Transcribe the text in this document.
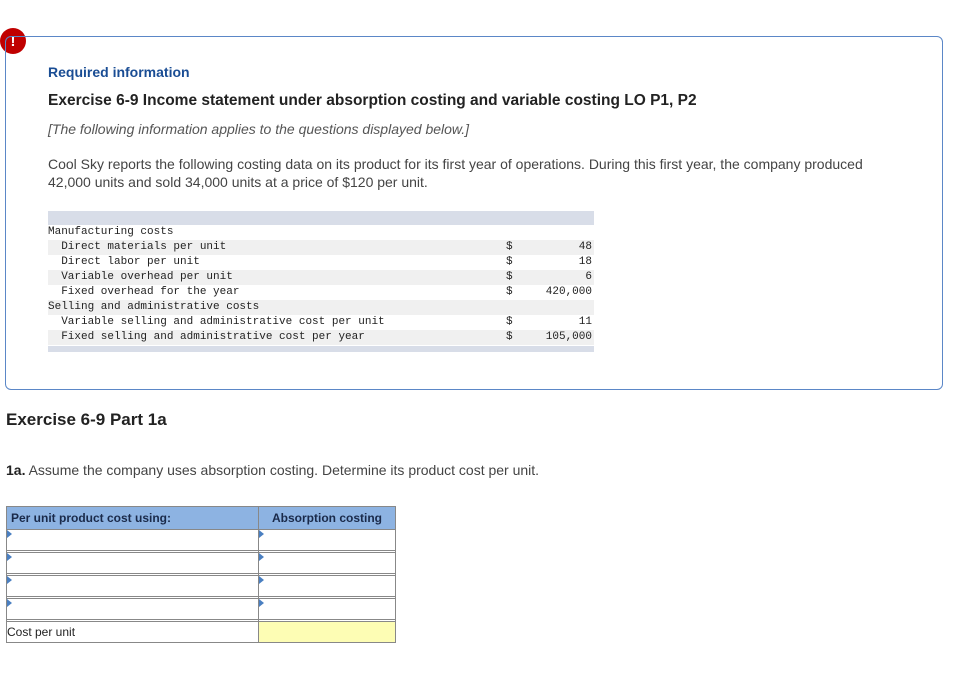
!
Required information
Exercise 6-9 Income statement under absorption costing and variable costing LO P1, P2
[The following information applies to the questions displayed below.]
Cool Sky reports the following costing data on its product for its first year of operations. During this first year, the company produced 42,000 units and sold 34,000 units at a price of $120 per unit.
Manufacturing costs
Direct materials per unit	$	48
Direct labor per unit	$	18
Variable overhead per unit	$	6
Fixed overhead for the year	$	420,000
Selling and administrative costs
Variable selling and administrative cost per unit	$	11
Fixed selling and administrative cost per year	$	105,000
Exercise 6-9 Part 1a
1a. Assume the company uses absorption costing. Determine its product cost per unit.
Per unit product cost using:	Absorption costing

Cost per unit	
